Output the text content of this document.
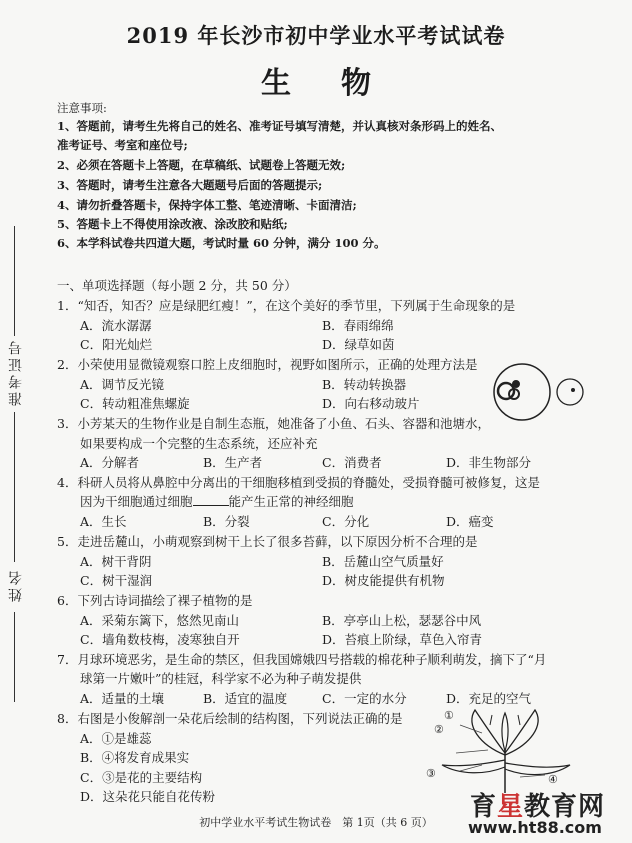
2019 年长沙市初中学业水平考试试卷
生物
注意事项:
1、答题前，请考生先将自己的姓名、准考证号填写清楚，并认真核对条形码上的姓名、
准考证号、考室和座位号;
2、必须在答题卡上答题，在草稿纸、试题卷上答题无效;
3、答题时，请考生注意各大题题号后面的答题提示;
4、请勿折叠答题卡，保持字体工整、笔迹清晰、卡面清洁;
5、答题卡上不得使用涂改液、涂改胶和贴纸;
6、本学科试卷共四道大题，考试时量 60 分钟，满分 100 分。
准考证号
姓名
一、单项选择题（每小题 2 分，共 50 分）
1．“知否，知否？应是绿肥红瘦！”，在这个美好的季节里，下列属于生命现象的是
A．流水潺潺	B．春雨绵绵
C．阳光灿烂	D．绿草如茵
2．小荣使用显微镜观察口腔上皮细胞时，视野如图所示，正确的处理方法是
A．调节反光镜	B．转动转换器
C．转动粗准焦螺旋	D．向右移动玻片
3．小芳某天的生物作业是自制生态瓶，她准备了小鱼、石头、容器和池塘水，
如果要构成一个完整的生态系统，还应补充
A．分解者	B．生产者	C．消费者	D．非生物部分
4．科研人员将从鼻腔中分离出的干细胞移植到受损的脊髓处，受损脊髓可被修复，这是
因为干细胞通过细胞	能产生正常的神经细胞
A．生长	B．分裂	C．分化	D．癌变
5．走进岳麓山，小萌观察到树干上长了很多苔藓，以下原因分析不合理的是
A．树干背阴	B．岳麓山空气质量好
C．树干湿润	D．树皮能提供有机物
6．下列古诗词描绘了裸子植物的是
A．采菊东篱下，悠然见南山	B．亭亭山上松，瑟瑟谷中风
C．墙角数枝梅，凌寒独自开	D．苔痕上阶绿，草色入帘青
7．月球环境恶劣，是生命的禁区，但我国嫦娥四号搭载的棉花种子顺利萌发，摘下了“月
球第一片嫩叶”的桂冠，科学家不必为种子萌发提供
A．适量的土壤	B．适宜的温度	C．一定的水分	D．充足的空气
8．右图是小俊解剖一朵花后绘制的结构图，下列说法正确的是
A．①是雄蕊
B．④将发育成果实
C．③是花的主要结构
D．这朵花只能自花传粉
①
②
③	④
初中学业水平考试生物试卷　第 1页（共 6 页）
育星教育网
www.ht88.com
